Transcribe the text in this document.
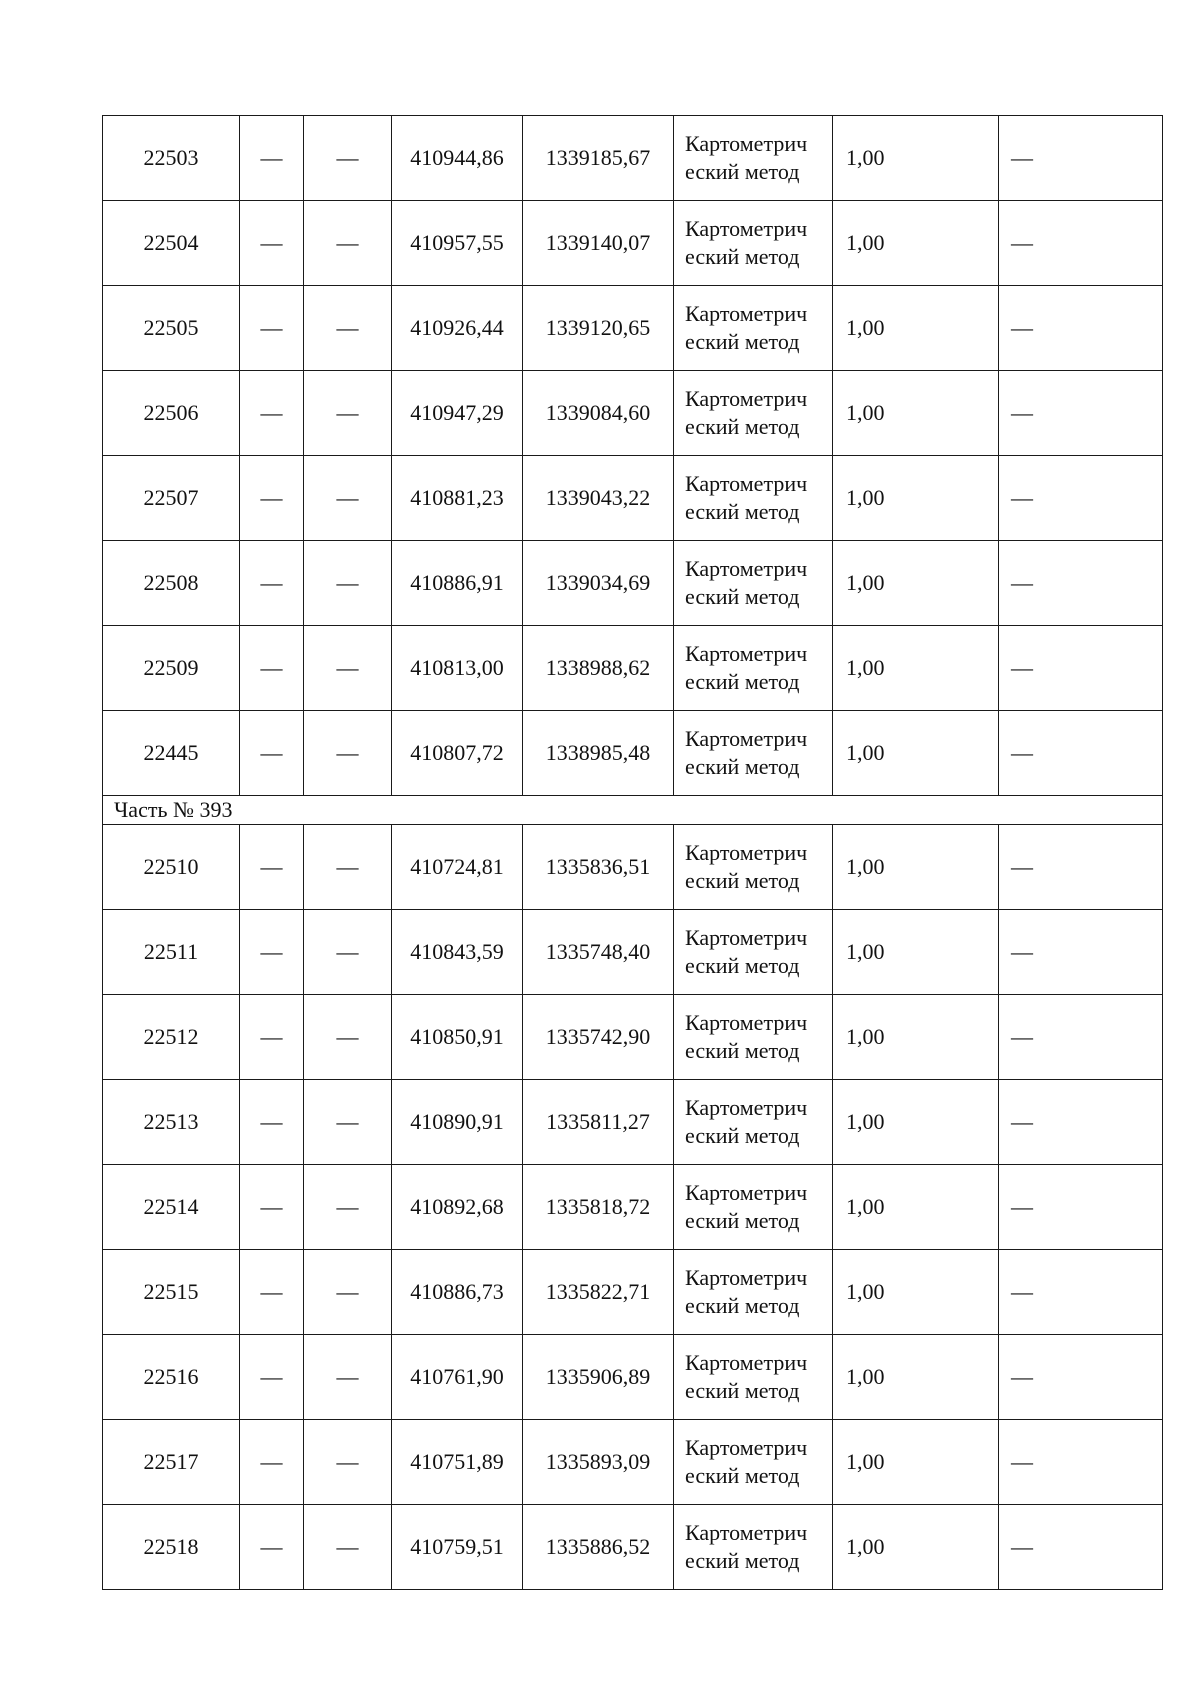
22503	—	—	410944,86	1339185,67	Картометрический метод	1,00	—
22504	—	—	410957,55	1339140,07	Картометрический метод	1,00	—
22505	—	—	410926,44	1339120,65	Картометрический метод	1,00	—
22506	—	—	410947,29	1339084,60	Картометрический метод	1,00	—
22507	—	—	410881,23	1339043,22	Картометрический метод	1,00	—
22508	—	—	410886,91	1339034,69	Картометрический метод	1,00	—
22509	—	—	410813,00	1338988,62	Картометрический метод	1,00	—
22445	—	—	410807,72	1338985,48	Картометрический метод	1,00	—
Часть № 393							
22510	—	—	410724,81	1335836,51	Картометрический метод	1,00	—
22511	—	—	410843,59	1335748,40	Картометрический метод	1,00	—
22512	—	—	410850,91	1335742,90	Картометрический метод	1,00	—
22513	—	—	410890,91	1335811,27	Картометрический метод	1,00	—
22514	—	—	410892,68	1335818,72	Картометрический метод	1,00	—
22515	—	—	410886,73	1335822,71	Картометрический метод	1,00	—
22516	—	—	410761,90	1335906,89	Картометрический метод	1,00	—
22517	—	—	410751,89	1335893,09	Картометрический метод	1,00	—
22518	—	—	410759,51	1335886,52	Картометрический метод	1,00	—
